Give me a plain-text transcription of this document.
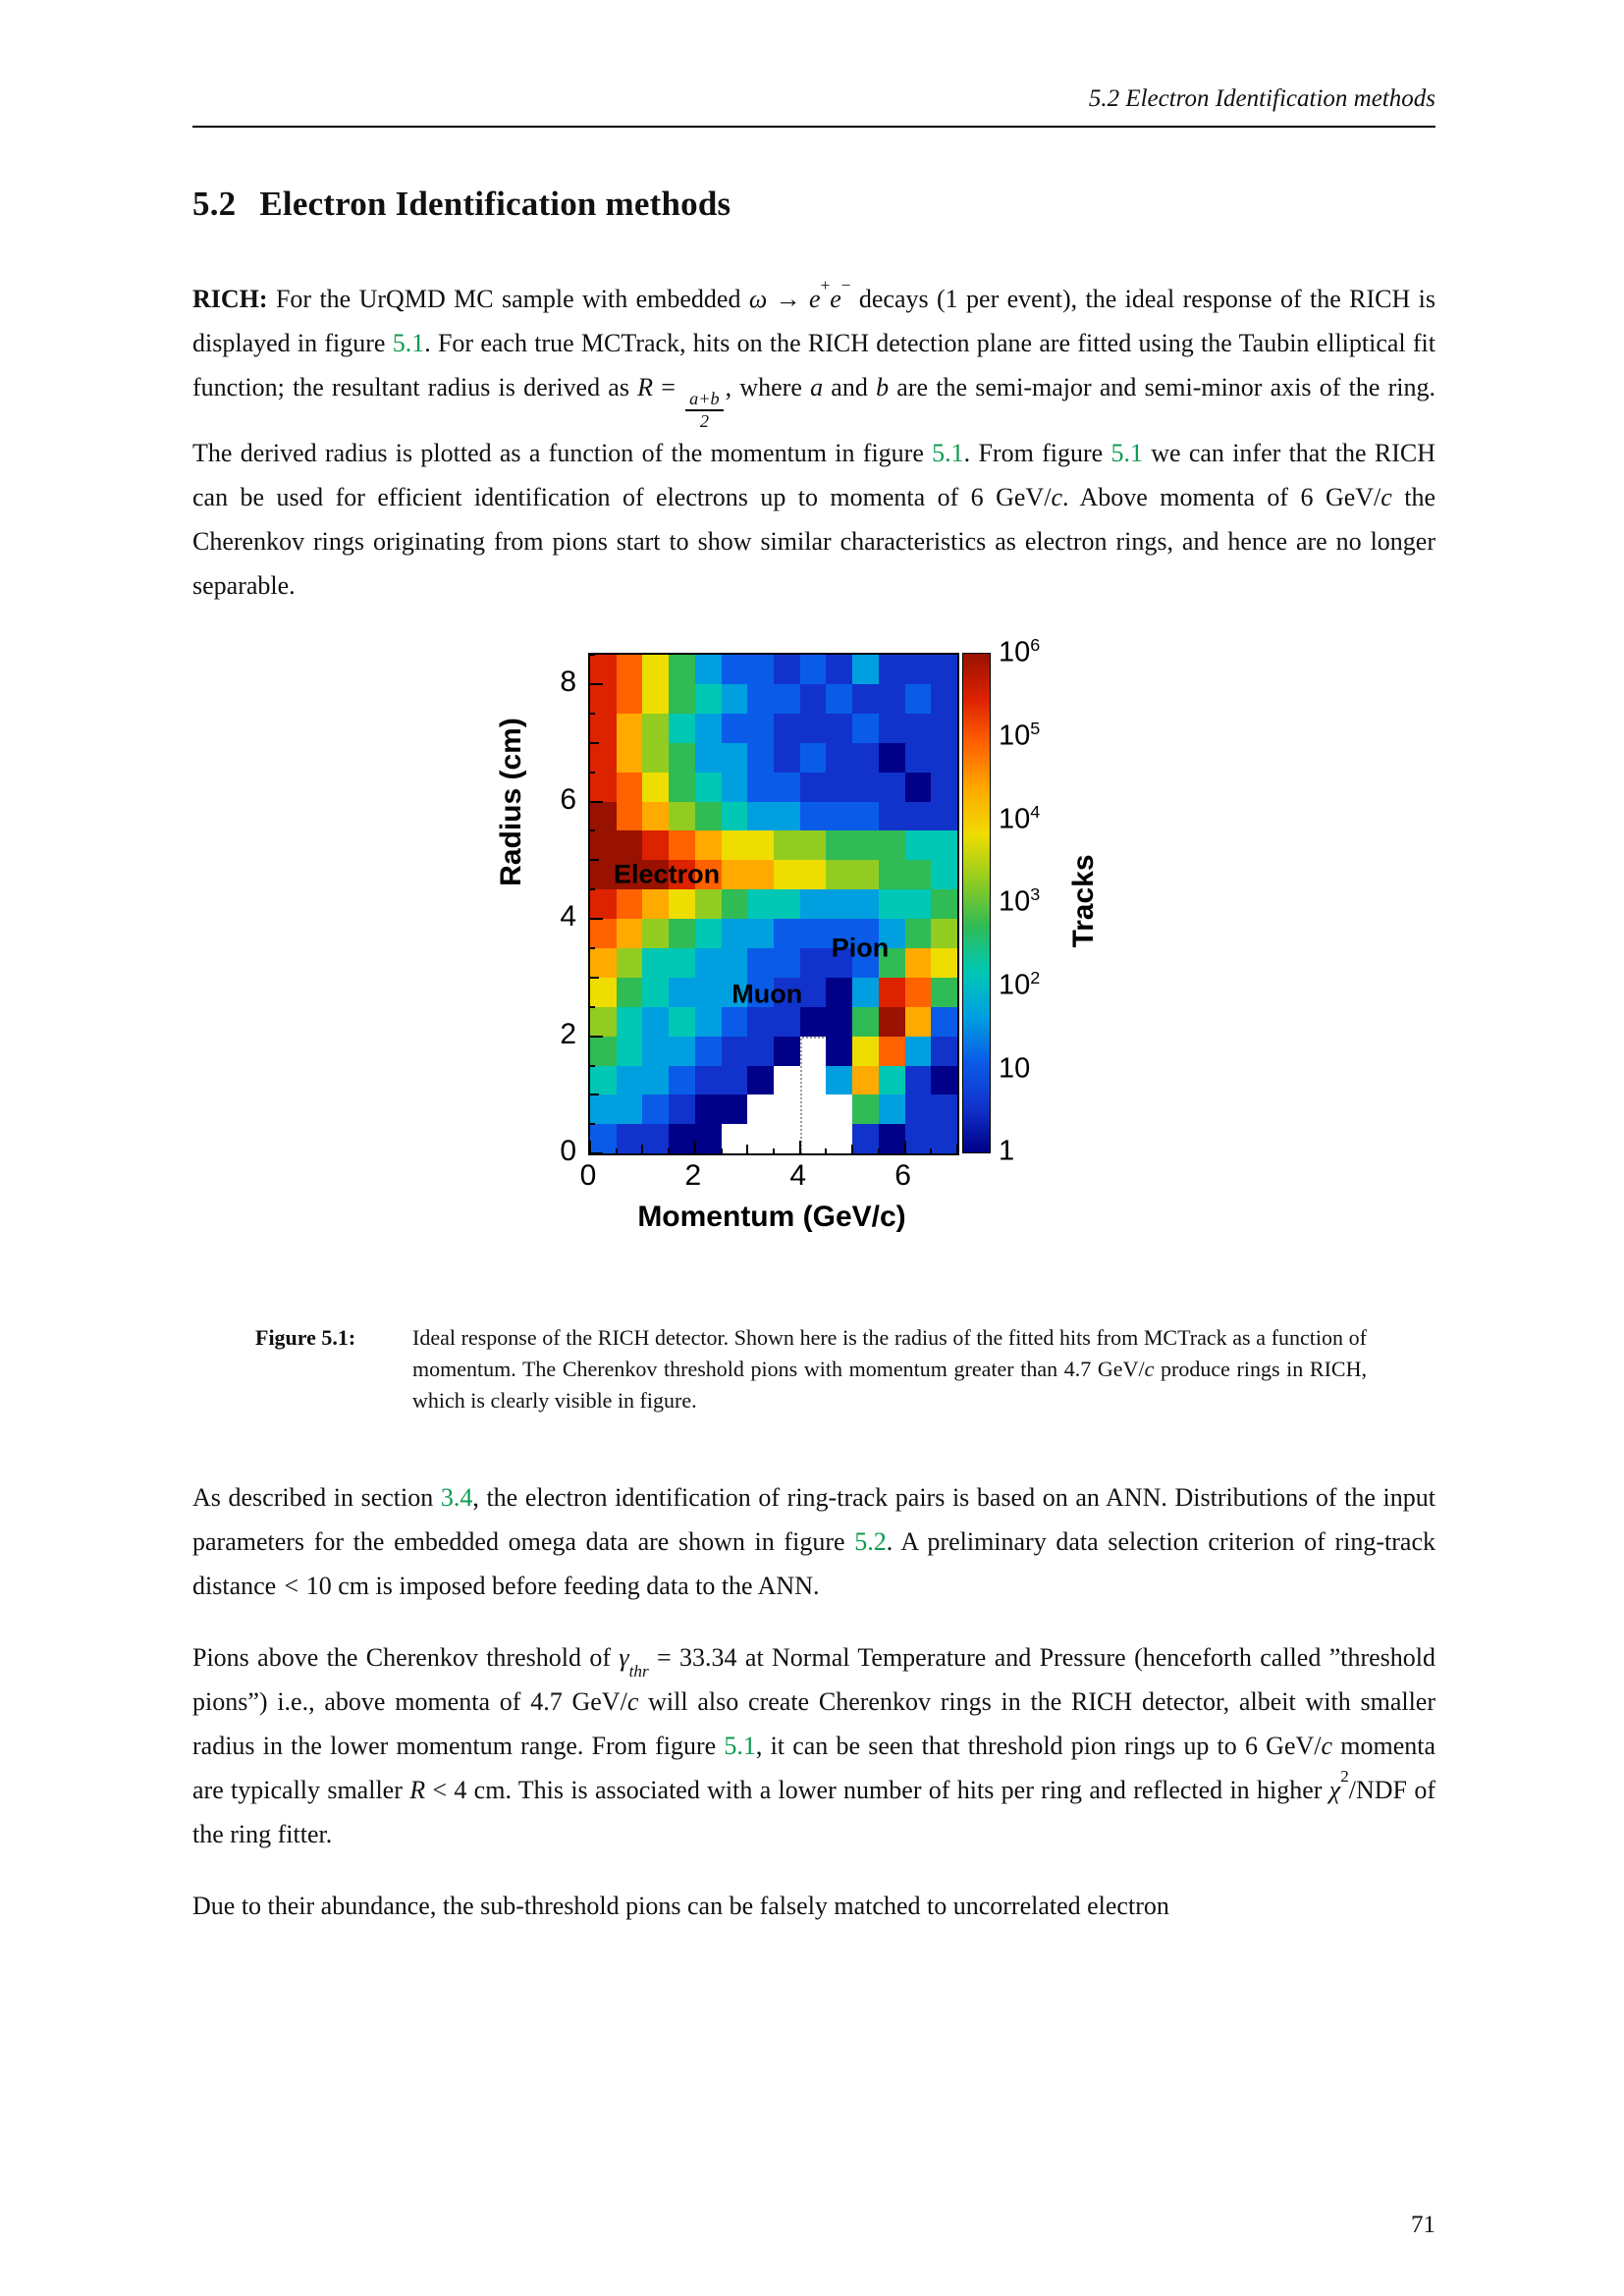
5.2 Electron Identification methods
5.2 Electron Identification methods

RICH: For the UrQMD MC sample with embedded ω → e+e− decays (1 per event), the ideal response of the RICH is displayed in figure 5.1. For each true MCTrack, hits on the RICH detection plane are fitted using the Taubin elliptical fit function; the resultant radius is derived as R =
$\frac{a+b}{2}$
, where a and b are the semi-major and semi-minor axis of the ring. The derived radius is plotted as a function of the momentum in figure 5.1. From figure 5.1 we can infer that the RICH can be used for efficient identification of electrons up to momenta of 6 GeV/c. Above momenta of 6 GeV/c the Cherenkov rings originating from pions start to show similar characteristics as electron rings, and hence are no longer separable.

Radius (cm)	Electron
Pion
Muon
Tracks
Momentum (GeV/c)
0	2	4	6
0
2
4
6
8
$10^6$
$10^5$
$10^4$
$10^3$
$10^2$
10
1
Figure 5.1:	Ideal response of the RICH detector. Shown here is the radius of the fitted hits from MCTrack as a function of momentum. The Cherenkov threshold pions with momentum greater than 4.7 GeV/c produce rings in RICH, which is clearly visible in figure.

As described in section 3.4, the electron identification of ring-track pairs is based on an ANN. Distributions of the input parameters for the embedded omega data are shown in figure 5.2. A preliminary data selection criterion of ring-track distance < 10 cm is imposed before feeding data to the ANN.

Pions above the Cherenkov threshold of $\gamma_{thr} = 33.34$ at Normal Temperature and Pressure (henceforth called ”threshold pions”) i.e., above momenta of 4.7 GeV/c will also create Cherenkov rings in the RICH detector, albeit with smaller radius in the lower momentum range. From figure 5.1, it can be seen that threshold pion rings up to 6 GeV/c momenta are typically smaller R < 4 cm. This is associated with a lower number of hits per ring and reflected in higher $\chi^2$/NDF of the ring fitter.

Due to their abundance, the sub-threshold pions can be falsely matched to uncorrelated electron

71
